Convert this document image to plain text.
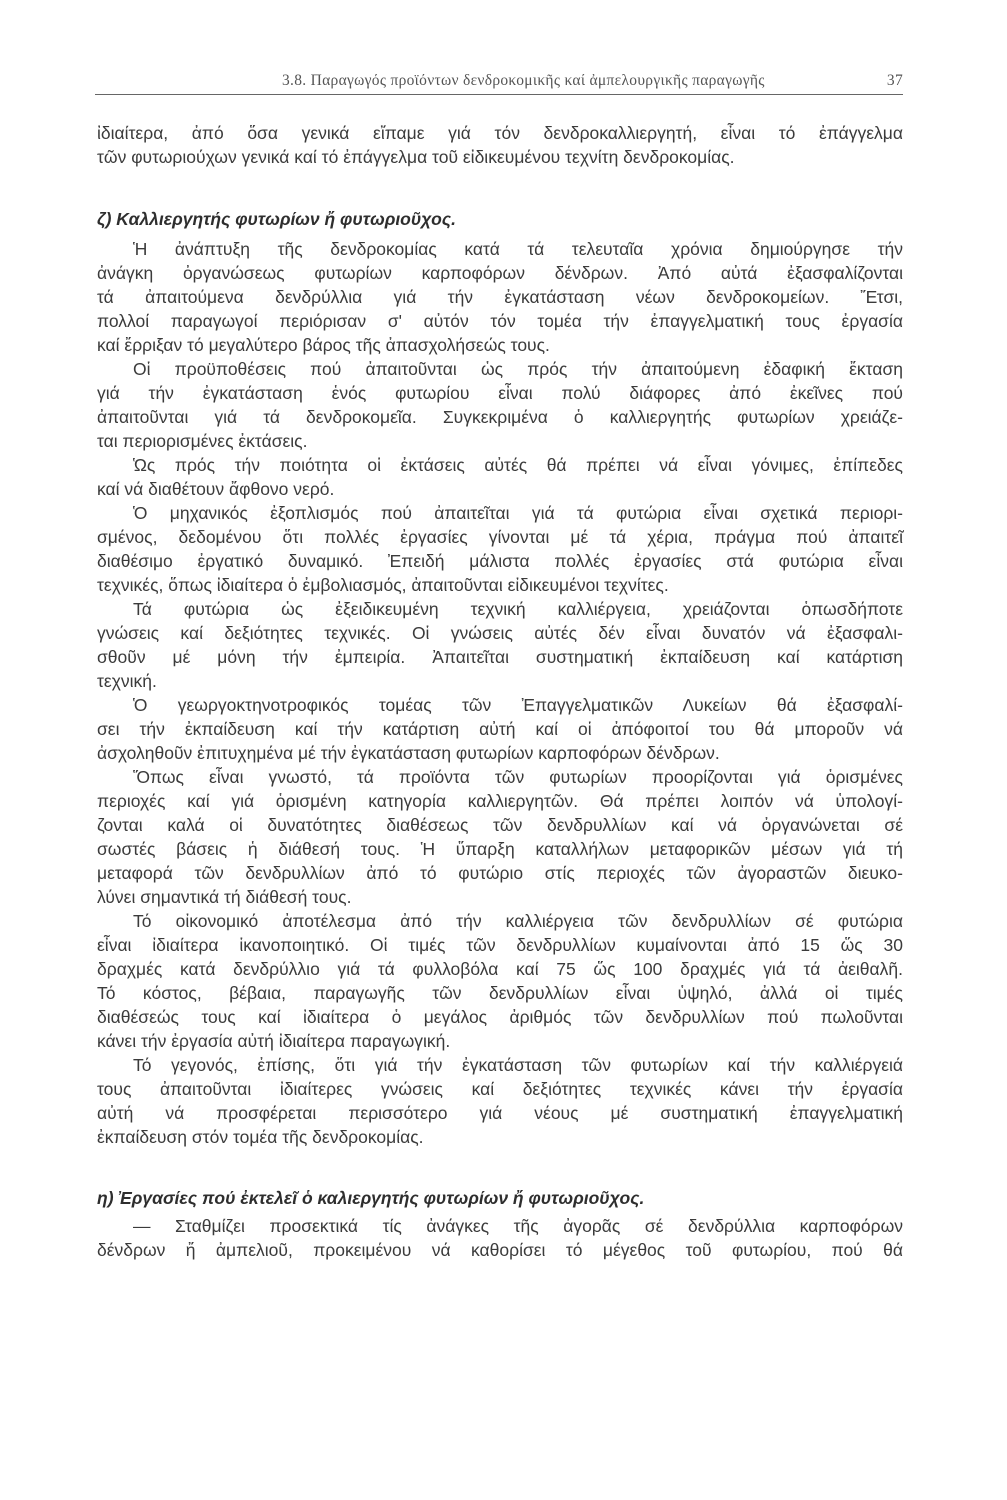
3.8. Παραγωγός προϊόντων δενδροκομικῆς καί ἀμπελουργικῆς παραγωγῆς	37
ἰδιαίτερα, ἀπό ὅσα γενικά εἴπαμε γιά τόν δενδροκαλλιεργητή, εἶναι τό ἐπάγγελμα
τῶν φυτωριούχων γενικά καί τό ἐπάγγελμα τοῦ εἰδικευμένου τεχνίτη δενδροκομίας.
ζ) Καλλιεργητής φυτωρίων ἤ φυτωριοῦχος.
Ἡ ἀνάπτυξη τῆς δενδροκομίας κατά τά τελευταῖα χρόνια δημιούργησε τήν
ἀνάγκη ὀργανώσεως φυτωρίων καρποφόρων δένδρων. Ἀπό αὐτά ἐξασφαλίζονται
τά ἀπαιτούμενα δενδρύλλια γιά τήν ἐγκατάσταση νέων δενδροκομείων. Ἔτσι,
πολλοί παραγωγοί περιόρισαν σ' αὐτόν τόν τομέα τήν ἐπαγγελματική τους ἐργασία
καί ἔρριξαν τό μεγαλύτερο βάρος τῆς ἀπασχολήσεώς τους.
Οἱ προϋποθέσεις πού ἀπαιτοῦνται ὡς πρός τήν ἀπαιτούμενη ἐδαφική ἔκταση
γιά τήν ἐγκατάσταση ἑνός φυτωρίου εἶναι πολύ διάφορες ἀπό ἐκεῖνες πού
ἀπαιτοῦνται γιά τά δενδροκομεῖα. Συγκεκριμένα ὁ καλλιεργητής φυτωρίων χρειάζε-
ται περιορισμένες ἐκτάσεις.
Ὡς πρός τήν ποιότητα οἱ ἐκτάσεις αὐτές θά πρέπει νά εἶναι γόνιμες, ἐπίπεδες
καί νά διαθέτουν ἄφθονο νερό.
Ὁ μηχανικός ἐξοπλισμός πού ἀπαιτεῖται γιά τά φυτώρια εἶναι σχετικά περιορι-
σμένος, δεδομένου ὅτι πολλές ἐργασίες γίνονται μέ τά χέρια, πράγμα πού ἀπαιτεῖ
διαθέσιμο ἐργατικό δυναμικό. Ἐπειδή μάλιστα πολλές ἐργασίες στά φυτώρια εἶναι
τεχνικές, ὅπως ἰδιαίτερα ὁ ἐμβολιασμός, ἀπαιτοῦνται εἰδικευμένοι τεχνίτες.
Τά φυτώρια ὡς ἐξειδικευμένη τεχνική καλλιέργεια, χρειάζονται ὁπωσδήποτε
γνώσεις καί δεξιότητες τεχνικές. Οἱ γνώσεις αὐτές δέν εἶναι δυνατόν νά ἐξασφαλι-
σθοῦν μέ μόνη τήν ἐμπειρία. Ἀπαιτεῖται συστηματική ἐκπαίδευση καί κατάρτιση
τεχνική.
Ὁ γεωργοκτηνοτροφικός τομέας τῶν Ἐπαγγελματικῶν Λυκείων θά ἐξασφαλί-
σει τήν ἐκπαίδευση καί τήν κατάρτιση αὐτή καί οἱ ἀπόφοιτοί του θά μποροῦν νά
ἀσχοληθοῦν ἐπιτυχημένα μέ τήν ἐγκατάσταση φυτωρίων καρποφόρων δένδρων.
Ὅπως εἶναι γνωστό, τά προϊόντα τῶν φυτωρίων προορίζονται γιά ὁρισμένες
περιοχές καί γιά ὁρισμένη κατηγορία καλλιεργητῶν. Θά πρέπει λοιπόν νά ὑπολογί-
ζονται καλά οἱ δυνατότητες διαθέσεως τῶν δενδρυλλίων καί νά ὀργανώνεται σέ
σωστές βάσεις ἡ διάθεσή τους. Ἡ ὕπαρξη καταλλήλων μεταφορικῶν μέσων γιά τή
μεταφορά τῶν δενδρυλλίων ἀπό τό φυτώριο στίς περιοχές τῶν ἀγοραστῶν διευκο-
λύνει σημαντικά τή διάθεσή τους.
Τό οἰκονομικό ἀποτέλεσμα ἀπό τήν καλλιέργεια τῶν δενδρυλλίων σέ φυτώρια
εἶναι ἰδιαίτερα ἱκανοποιητικό. Οἱ τιμές τῶν δενδρυλλίων κυμαίνονται ἀπό 15 ὥς 30
δραχμές κατά δενδρύλλιο γιά τά φυλλοβόλα καί 75 ὥς 100 δραχμές γιά τά ἀειθαλῆ.
Τό κόστος, βέβαια, παραγωγῆς τῶν δενδρυλλίων εἶναι ὑψηλό, ἀλλά οἱ τιμές
διαθέσεώς τους καί ἰδιαίτερα ὁ μεγάλος ἀριθμός τῶν δενδρυλλίων πού πωλοῦνται
κάνει τήν ἐργασία αὐτή ἰδιαίτερα παραγωγική.
Τό γεγονός, ἐπίσης, ὅτι γιά τήν ἐγκατάσταση τῶν φυτωρίων καί τήν καλλιέργειά
τους ἀπαιτοῦνται ἰδιαίτερες γνώσεις καί δεξιότητες τεχνικές κάνει τήν ἐργασία
αὐτή νά προσφέρεται περισσότερο γιά νέους μέ συστηματική ἐπαγγελματική
ἐκπαίδευση στόν τομέα τῆς δενδροκομίας.
η) Ἐργασίες πού ἐκτελεῖ ὁ καλιεργητής φυτωρίων ἤ φυτωριοῦχος.
— Σταθμίζει προσεκτικά τίς ἀνάγκες τῆς ἀγορᾶς σέ δενδρύλλια καρποφόρων
δένδρων ἤ ἀμπελιοῦ, προκειμένου νά καθορίσει τό μέγεθος τοῦ φυτωρίου, πού θά
